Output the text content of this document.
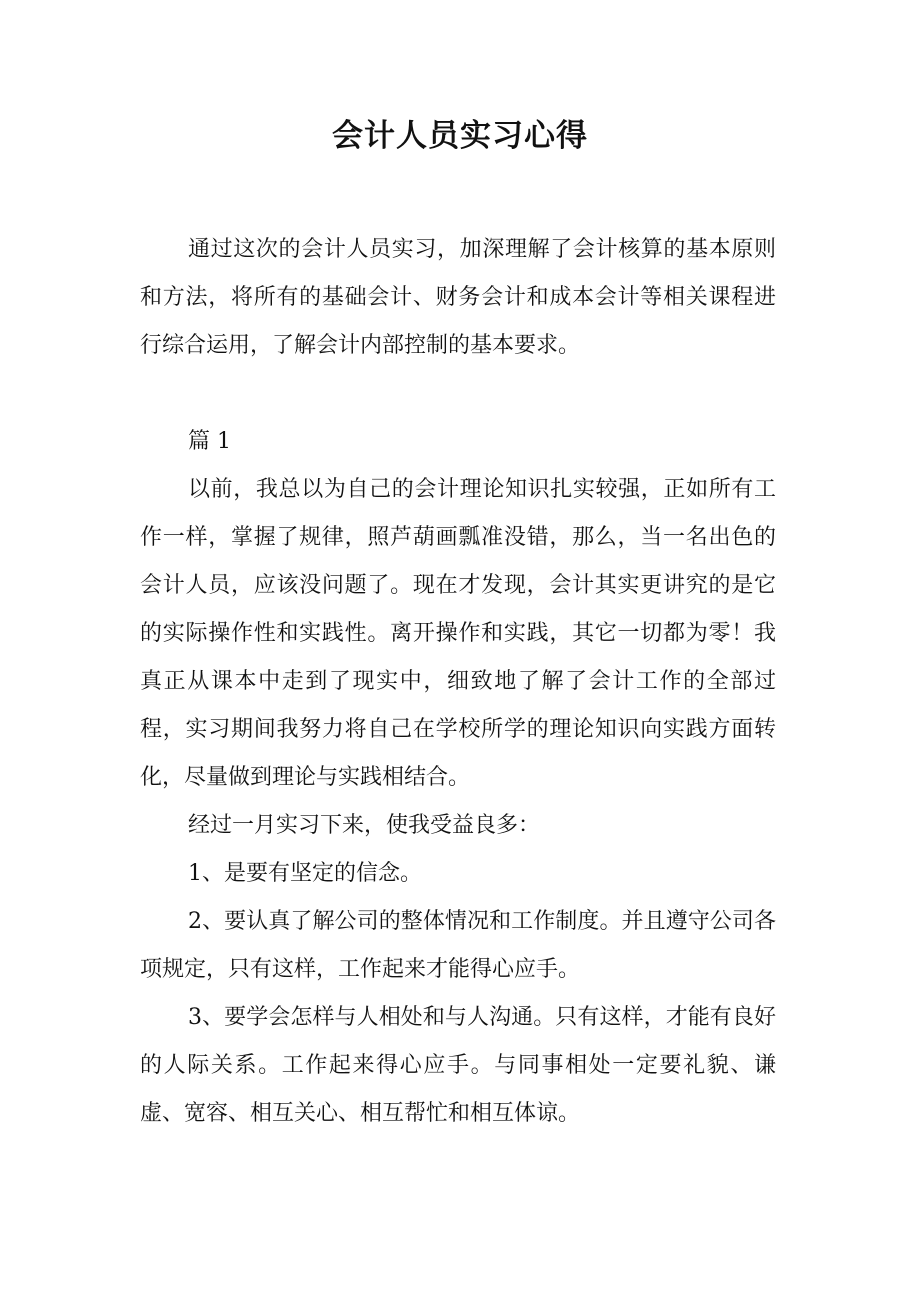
会计人员实习心得

通过这次的会计人员实习，加深理解了会计核算的基本原则和方法，将所有的基础会计、财务会计和成本会计等相关课程进行综合运用，了解会计内部控制的基本要求。

篇 1

以前，我总以为自己的会计理论知识扎实较强，正如所有工作一样，掌握了规律，照芦葫画瓢准没错，那么，当一名出色的会计人员，应该没问题了。现在才发现，会计其实更讲究的是它的实际操作性和实践性。离开操作和实践，其它一切都为零！我真正从课本中走到了现实中，细致地了解了会计工作的全部过程，实习期间我努力将自己在学校所学的理论知识向实践方面转化，尽量做到理论与实践相结合。

经过一月实习下来，使我受益良多：

1、是要有坚定的信念。

2、要认真了解公司的整体情况和工作制度。并且遵守公司各项规定，只有这样，工作起来才能得心应手。

3、要学会怎样与人相处和与人沟通。只有这样，才能有良好的人际关系。工作起来得心应手。与同事相处一定要礼貌、谦虚、宽容、相互关心、相互帮忙和相互体谅。
